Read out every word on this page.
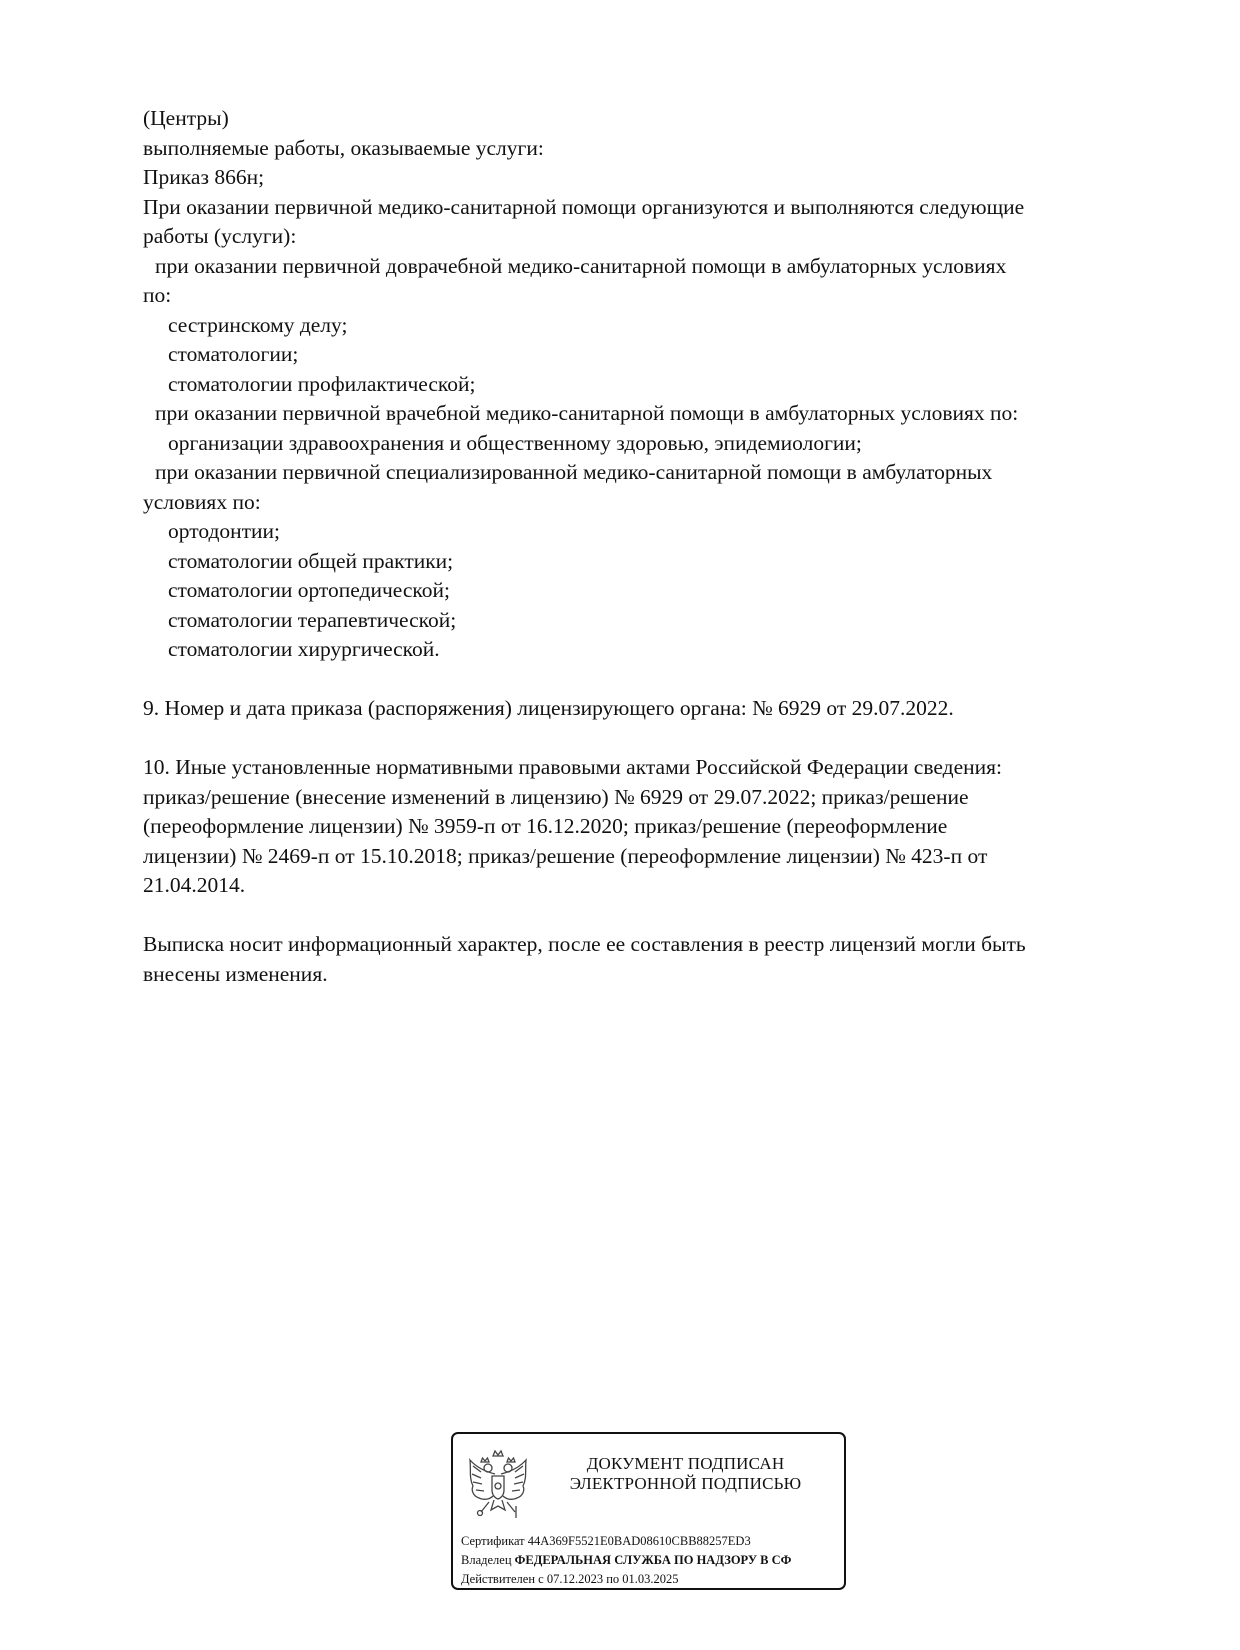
(Центры)
выполняемые работы, оказываемые услуги:
Приказ 866н;
При оказании первичной медико-санитарной помощи организуются и выполняются следующие
работы (услуги):
при оказании первичной доврачебной медико-санитарной помощи в амбулаторных условиях
по:
сестринскому делу;
стоматологии;
стоматологии профилактической;
при оказании первичной врачебной медико-санитарной помощи в амбулаторных условиях по:
организации здравоохранения и общественному здоровью, эпидемиологии;
при оказании первичной специализированной медико-санитарной помощи в амбулаторных
условиях по:
ортодонтии;
стоматологии общей практики;
стоматологии ортопедической;
стоматологии терапевтической;
стоматологии хирургической.
9. Номер и дата приказа (распоряжения) лицензирующего органа: № 6929 от 29.07.2022.
10. Иные установленные нормативными правовыми актами Российской Федерации сведения:
приказ/решение (внесение изменений в лицензию) № 6929 от 29.07.2022; приказ/решение
(переоформление лицензии) № 3959-п от 16.12.2020; приказ/решение (переоформление
лицензии) № 2469-п от 15.10.2018; приказ/решение (переоформление лицензии) № 423-п от
21.04.2014.
Выписка носит информационный характер, после ее составления в реестр лицензий могли быть
внесены изменения.
ДОКУМЕНТ ПОДПИСАН
ЭЛЕКТРОННОЙ ПОДПИСЬЮ
Сертификат 44A369F5521E0BAD08610CBB88257ED3
Владелец ФЕДЕРАЛЬНАЯ СЛУЖБА ПО НАДЗОРУ В СФ
Действителен с 07.12.2023 по 01.03.2025
